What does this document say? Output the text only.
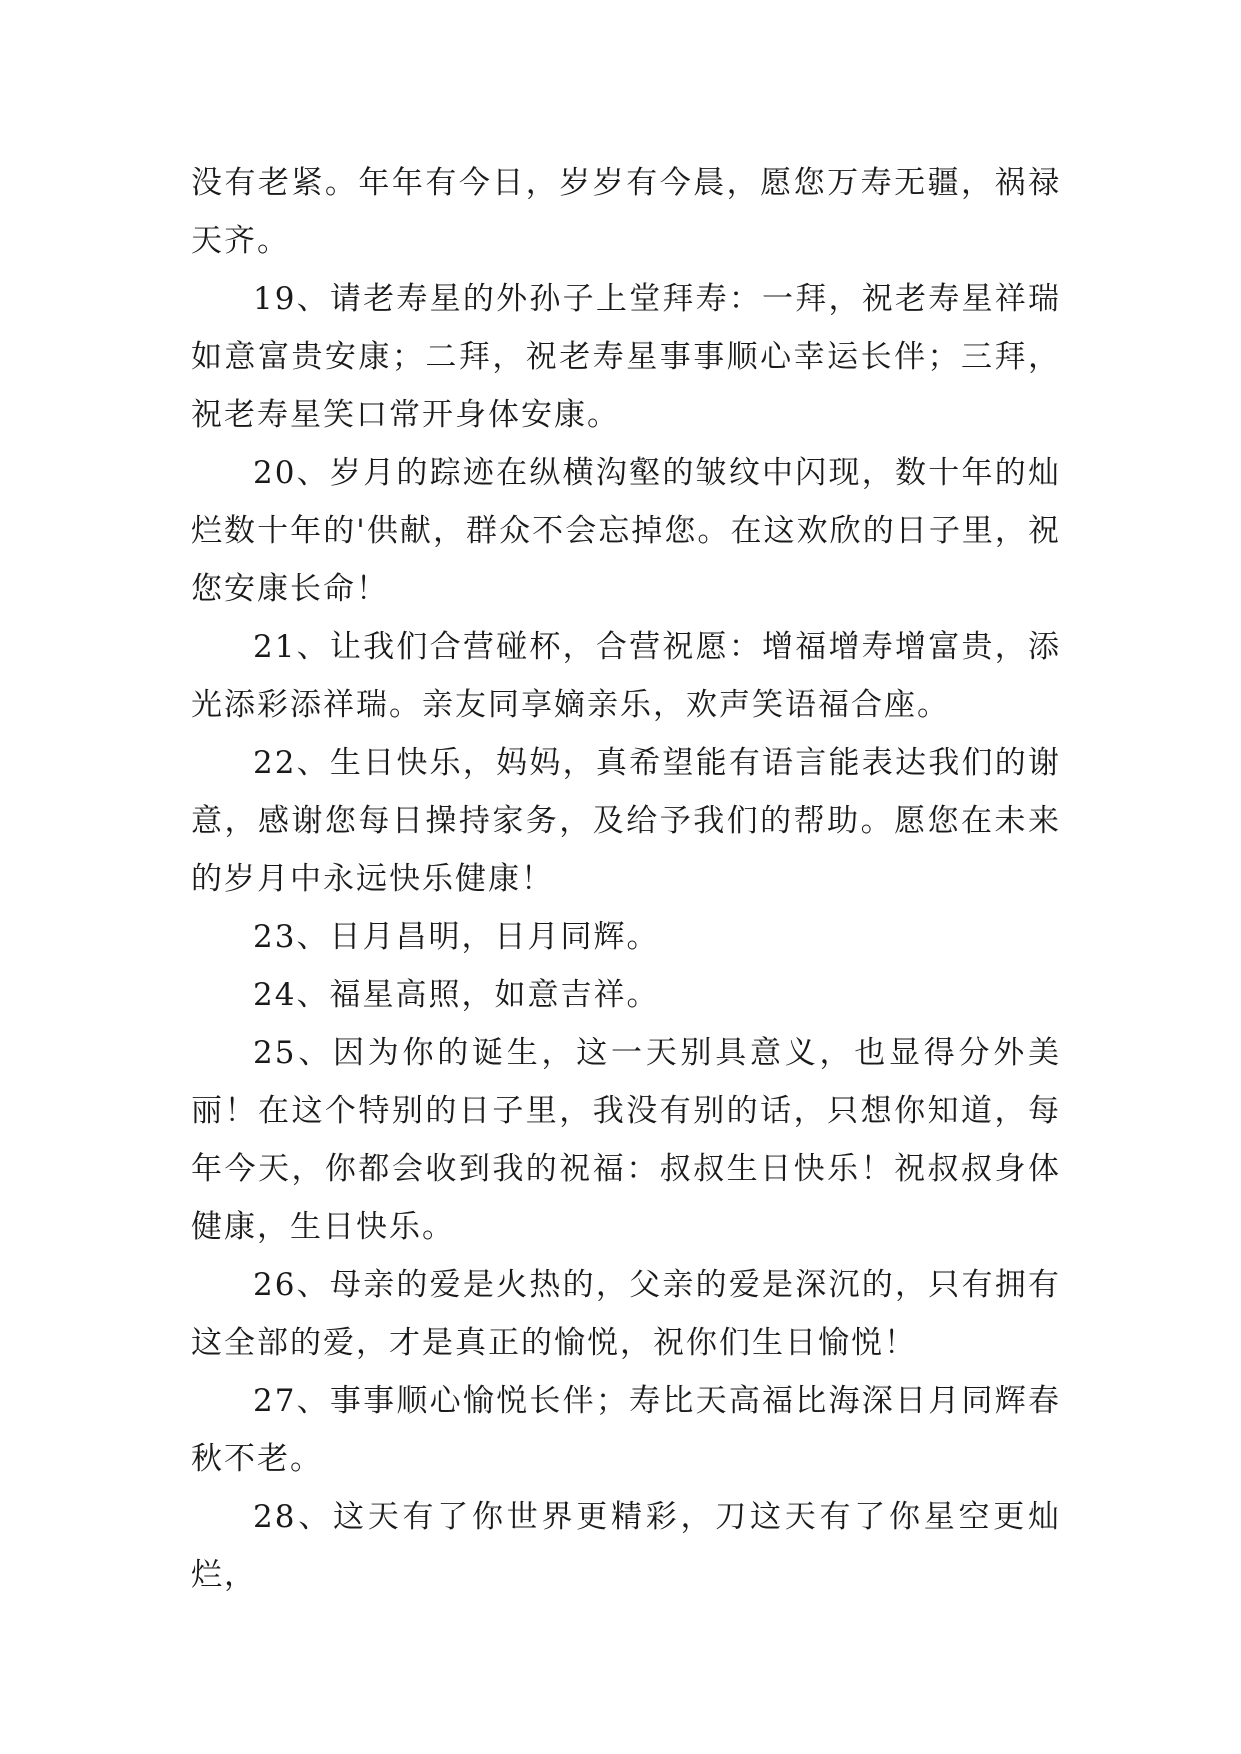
没有老紧。年年有今日，岁岁有今晨，愿您万寿无疆，祸禄天齐。

19、请老寿星的外孙子上堂拜寿：一拜，祝老寿星祥瑞如意富贵安康；二拜，祝老寿星事事顺心幸运长伴；三拜，祝老寿星笑口常开身体安康。

20、岁月的踪迹在纵横沟壑的皱纹中闪现，数十年的灿烂数十年的'供献，群众不会忘掉您。在这欢欣的日子里，祝您安康长命！

21、让我们合营碰杯，合营祝愿：增福增寿增富贵，添光添彩添祥瑞。亲友同享嫡亲乐，欢声笑语福合座。

22、生日快乐，妈妈，真希望能有语言能表达我们的谢意，感谢您每日操持家务，及给予我们的帮助。愿您在未来的岁月中永远快乐健康！

23、日月昌明，日月同辉。

24、福星高照，如意吉祥。

25、因为你的诞生，这一天别具意义，也显得分外美丽！在这个特别的日子里，我没有别的话，只想你知道，每年今天，你都会收到我的祝福：叔叔生日快乐！祝叔叔身体健康，生日快乐。

26、母亲的爱是火热的，父亲的爱是深沉的，只有拥有这全部的爱，才是真正的愉悦，祝你们生日愉悦！

27、事事顺心愉悦长伴；寿比天高福比海深日月同辉春秋不老。

28、这天有了你世界更精彩，刀这天有了你星空更灿烂，
